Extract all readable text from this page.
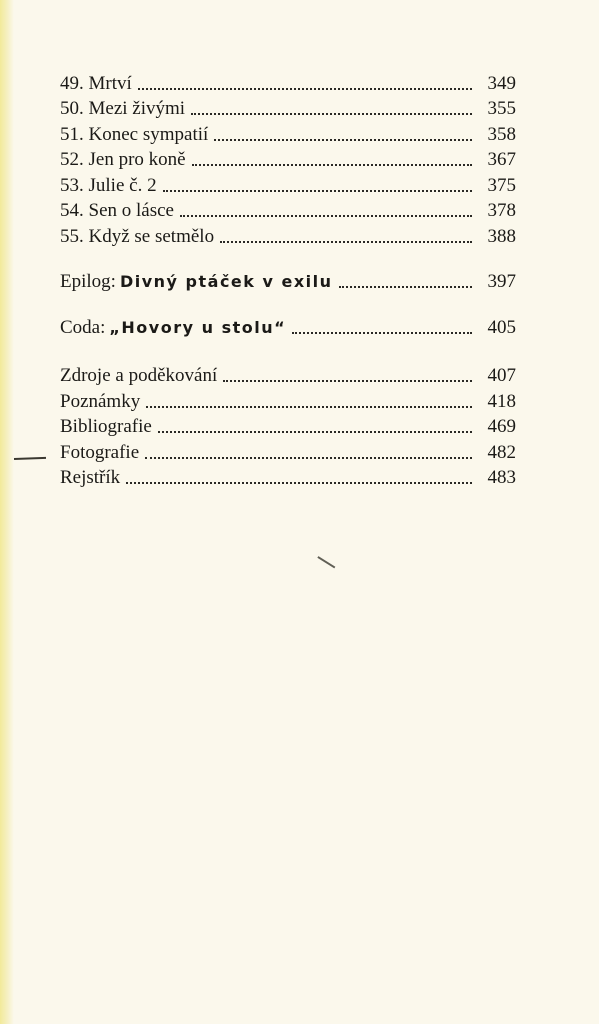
49. Mrtví	349
50. Mezi živými	355
51. Konec sympatií	358
52. Jen pro koně	367
53. Julie č. 2	375
54. Sen o lásce	378
55. Když se setmělo	388
Epilog: Divný ptáček v exilu	397
Coda: „Hovory u stolu“	405
Zdroje a poděkování	407
Poznámky	418
Bibliografie	469
Fotografie	482
Rejstřík	483
